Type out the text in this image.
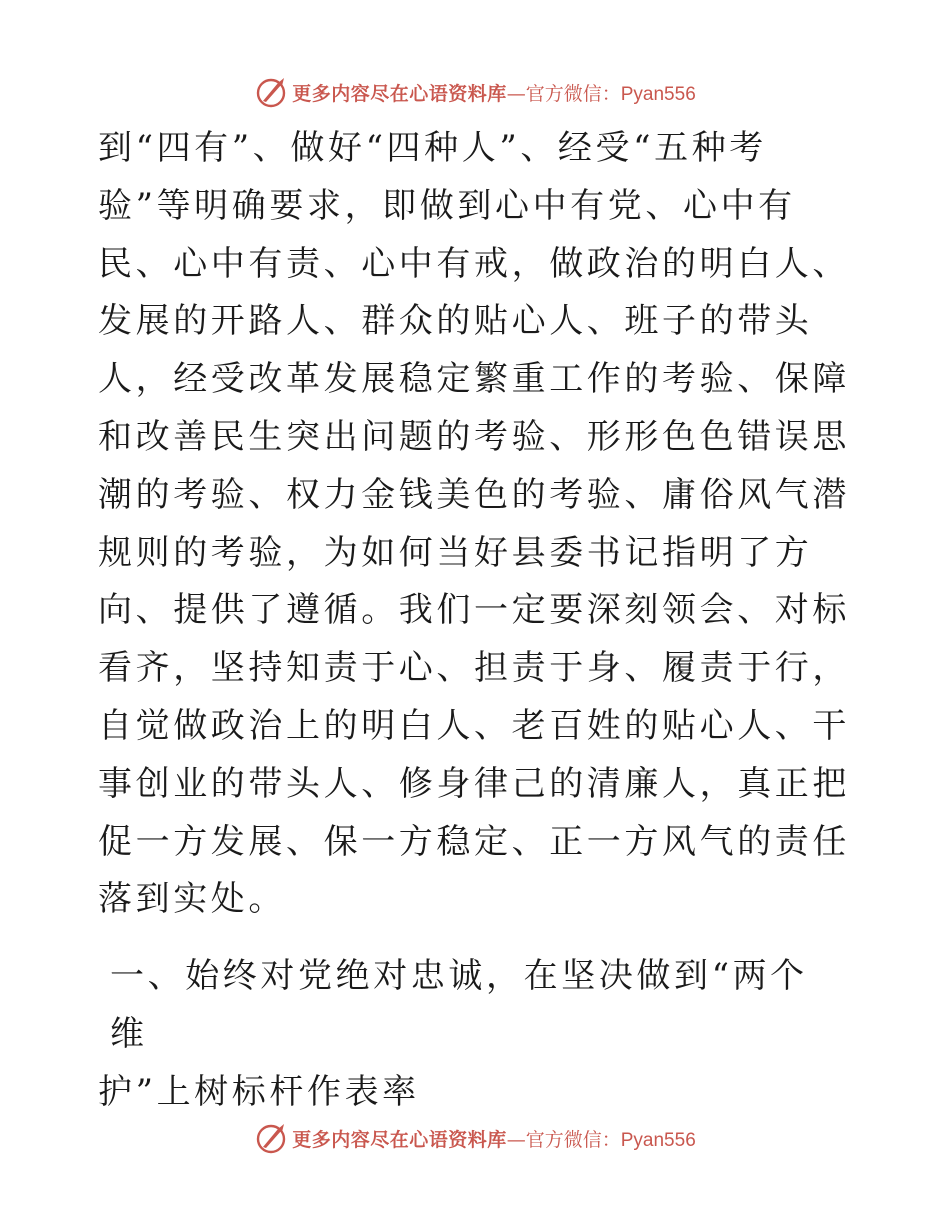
更多内容尽在心语资料库 —官方微信：Pyan556

到“四有”、做好“四种人”、经受“五种考验”等明确要求，即做到心中有党、心中有民、心中有责、心中有戒，做政治的明白人、发展的开路人、群众的贴心人、班子的带头人，经受改革发展稳定繁重工作的考验、保障和改善民生突出问题的考验、形形色色错误思潮的考验、权力金钱美色的考验、庸俗风气潜规则的考验，为如何当好县委书记指明了方向、提供了遵循。我们一定要深刻领会、对标看齐，坚持知责于心、担责于身、履责于行，自觉做政治上的明白人、老百姓的贴心人、干事创业的带头人、修身律己的清廉人，真正把促一方发展、保一方稳定、正一方风气的责任落到实处。

一、始终对党绝对忠诚，在坚决做到“两个维
护”上树标杆作表率
更多内容尽在心语资料库 —官方微信：Pyan556
